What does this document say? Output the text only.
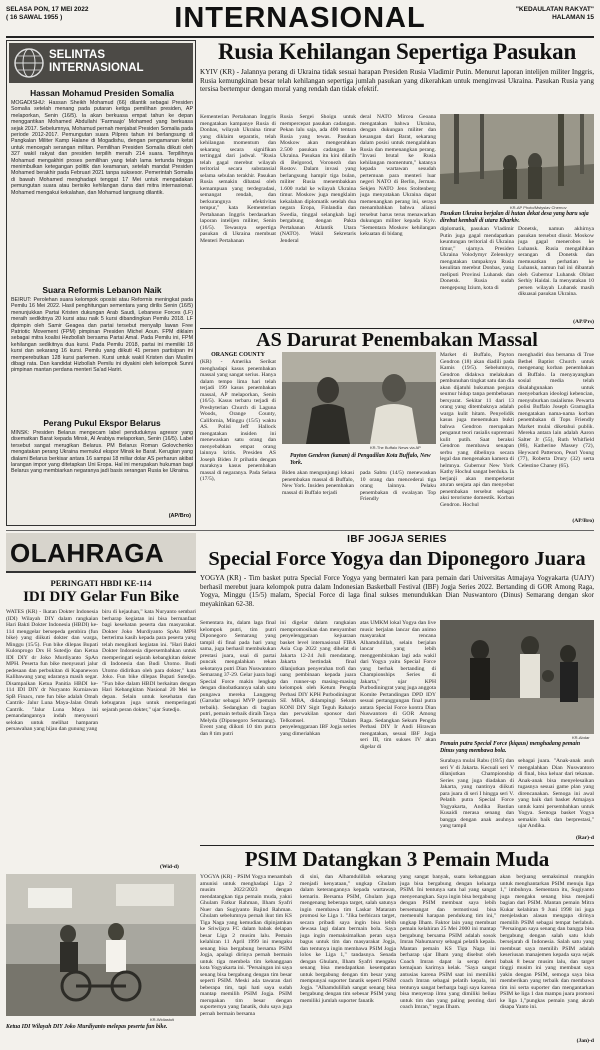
SELASA PON, 17 MEI 2022
( 16 SAWAL 1955 )	INTERNASIONAL	"KEDAULATAN RAKYAT"
HALAMAN 15
SELINTAS INTERNASIONAL
Hassan Mohamud Presiden Somalia
MOGADISHU: Hassan Sheikh Mohamud (66) dilantik sebagai Presiden Somalia setelah menang pada putaran ketiga pemilihan presiden, AP melaporkan, Senin (16/5). Ia akan berkuasa empat tahun ke depan menggantikan Mohamed Abdullahi 'Farmaajo' Mohamed yang berkuasa sejak 2017. Sebelumnya, Mohamud pernah menjabat Presiden Somalia pada periode 2012-2017. Pemungutan suara Pilpres tahun ini berlangsung di Pangkalan Militer Kamp Halane di Mogadishu, dengan pengamanan ketat untuk mencegah serangan militan. Pemilihan Presiden Somalia diikuti oleh 327 wakil rakyat dan presiden terpilih meraih 214 suara. Terpilihnya Mohamud mengakhiri proses pemilihan yang telah lama tertunda hingga menimbulkan ketegangan politik dan keamanan, setelah mandat Presiden Mohamed berakhir pada Februari 2021 tanpa suksesor. Pemerintah Somalia di bawah Mohamed menghadapi tenggat 17 Mei untuk mengadakan pemungutan suara atau berisiko kehilangan dana dari mitra internasional. Mohamed mengakui kekalahan, dan Mohamud langsung dilantik.
Suara Reformis Lebanon Naik
BEIRUT: Perolehan suara kelompok oposisi atau Reformis meningkat pada Pemilu 16 Mei 2022. Hasil penghitungan sementara yang dirilis Senin (16/5) menunjukkan Partai Kristen dukungan Arab Saudi, Lebanese Forces (LF) meraih sedikitnya 20 kursi atau naik 5 kursi dibandingkan Pemilu 2018. LF dipimpin oleh Samir Geagea dan partai tersebut menyalip lawan Free Patriotic Movement (FPM) pimpinan Presiden Michel Aoun. FPM diklaim sebagai mitra koalisi Hezbollah bersama Partai Amal. Pada Pemilu ini, FPM kehilangan sedikitnya dua kursi. Pada Pemilu 2018, partai ini memiliki 18 kursi dan sekarang 16 kursi. Pemilu yang diikuti 41 persen partisipan ini memperebutkan 128 kursi parlemen. Kursi untuk wakil Kristen dan Muslim dibagi rata. Dan kandidat Hizbollah Pemilu ini diyakini oleh kelompok Sunni pimpinan mantan perdana menteri Sa'ad Hariri.
Perang Pukul Ekspor Belarus
MINSK: Presiden Belarus mengecam label penduduknya agresor yang disematkan Barat kepada Minsk, Al Arabiya melaporkan, Senin (16/5). Label tersebut sangat merugikan Belarus. PM Belarus Roman Golovchenko mengatakan perang Ukraina memukul ekspor Minsk ke Barat. Kerugian yang dialami Belarus berkisar antara 16 sampai 18 miliar dolar AS perharun akibat larangan impor yang ditetapkan Uni Eropa. Hal ini merupakan hukuman bagi Belarus yang membiarkan negaranya jadi basis serangan Rusia ke Ukraina.
(AP/Bro)
Rusia Kehilangan Sepertiga Pasukan
KYIV (KR) - Jalannya perang di Ukraina tidak sesuai harapan Presiden Rusia Vladimir Putin. Menurut laporan intelijen militer Inggris, Rusia kemungkinan besar telah kehilangan sepertiga jumlah pasukan yang dikerahkan untuk menginvasi Ukraina. Pasukan Rusia yang tersisa bertempur dengan moral yang rendah dan tidak efektif.
Kementerian Pertahanan Inggris mengatakan kampanye Rusia di Donbas, wilayah Ukraina timur yang diklaim separatis, telah kehilangan momentum dan sekarang secara signifikan tertinggal dari jadwal. "Rusia telah gagal merebut wilayah teritorial secara substansial selama sebulan terakhir. Pasukan Rusia semakin dibatasi oleh kemampuan yang terdegradasi, semangat rendah, dan berkurangnya efektivitas tempur," kata Kementerian Pertahanan Inggris berdasarkan laporan intelijen militer, Senin (16/5). Tewasnya sepertiga pasukan di Ukraina membuat Menteri Pertahanan
Rusia Sergei Shoigu untuk mempercepat pasukan cadangan. Pekan lalu saja, ada 400 tentara Rusia yang tewas. Pasukan Moskow akan mengerahkan 2.500 pasukan cadangan ke Ukraina. Pasukan itu kini dilatih di Belgorod, Voronezh dan Rostov. Dalam invasi yang berlangsung hampir tiga bulan, militer Rusia menembakkan 1.600 rudal ke wilayah Ukraina timur. Moskow juga mengklaim kekalahan diplomatik setelah dua negara Eropa, Finlandia dan Swedia, tinggal selangkah lagi bergabung dengan Pakta Pertahanan Atlantik Utara (NATO). Wakil Sekretaris Jenderal
deral NATO Mircea Geoana mengatakan bahwa Ukraina, dengan dukungan militer dan keuangan dari Barat, sekarang dalam posisi untuk mengalahkan Rusia dan memenangkan perang. "Invasi brutal ke Rusia kehilangan momentum," katanya kepada wartawan sesudah pertemuan para menteri luar negeri NATO di Berlin, Jerman. Sekjen NATO Jens Stoltenberg juga menyatakan Ukraina dapat memenangkan perang ini, seraya menambahkan bahwa aliansi tersebut harus terus menawarkan dukungan militer kepada Kyiv. "Sementara Moskow kehilangan kekuatan di bidang
KR-AP Photo/Mstyslav Chernov
Pasukan Ukraina berjalan di hutan dekat desa yang baru saja direbut kembali di utara Kharkiv.
diplomatik, pasukan Vladimir Putin juga gagal mendapatkan keuntungan teritorial di Ukraina timur," ujarnya. Presiden Ukraina Volodymyr Zelenskyy mengatakan tampaknya Rusia kesulitan merebut Donbas, yang meliputi Provinsi Luhansk dan Donetsk. Rusia sudah mengepung Izium, kota di
Donetsk, namun akhirnya pasukan tersebut diusir. Moskow juga gagal menerobos ke Luhansk. Rusia mengalihkan serangan di Donetsk dan memusatkan perhatian ke Luhansk, namun hal ini dibantah oleh Gubernur Luhansk Oblast Serhiy Haidai. Ia menyatakan 10 persen wilayah Luhansk masih dikuasai pasukan Ukraina.
(AP/Prs)
AS Darurat Penembakan Massal
ORANGE COUNTY
(KR) - Amerika Serikat menghadapi kasus penembakan massal yang sangat serius. Hanya dalam tempo lima hari telah terjadi 199 kasus penembakan massal, AP melaporkan, Senin (16/5). Kasus terbaru terjadi di Presbyterian Church di Laguna Woods, Orange County, California, Minggu (15/5) waktu AS. Polisi Jeff Hallock mengatakan insiden ini menewaskan satu orang dan menyebabkan empat orang lainnya kritis. Presiden AS Joseph Biden Jr prihatin dengan maraknya kasus penembakan massal di negaranya. Pada Selasa (17/5),
KR-The Buffalo News via AP
Payton Gendron (kanan) di Pengadilan Kota Buffalo, New York.
Biden akan mengunjungi lokasi penembakan massal di Buffalo, New York. Insiden penembakan massal di Buffalo terjadi
pada Sabtu (14/5) menewaskan 10 orang dan mencederai tiga orang lainnya. Pelaku penembakan di swalayan Top Friendly
Market di Buffalo, Payton Gendron (18) akan diadili pada Kamis (19/5). Sebelumnya, Gendron didakwa melakukan pembunuhan tingkat satu dan dia akan dijatuhi hukuman penjara seumur hidup tanpa pembebasan bersyarat. Sekitar 11 dari 13 orang yang ditembaknya adalah warga kulit hitam. Penyelidik kasus juga menemukan bukti bahwa Gendron merupakan penganut teori rasialis supremasi kulit putih. Saat beraksi Gendron membawa senapan serbu yang dibelinya secara legal dan mengenakan kamera di helmnya. Gubernur New York Kathy Hochul sangat berduka. Ia berjanji akan memperketat aturan senjata api dan menyebut penembakan tersebut sebagai aksi terorisme domestik. Korban Gendron. Hochul
menghadiri doa bersama di True Bethel Baptist Church untuk mengenang korban penembakan di Buffalo. Ia menyayangkan sosial media telah disalahgunakan untuk menyebarkan ideologi kebencian, menyuburkan rasialisme. Pewarta polisi Buffalo Joseph Gramaglia mengatakan nama-nama korban penembakan di Tops Friendly Market mulai diketahui publik. Mereka antara lain adalah Aaron Salter Jr (55), Ruth Whitfield (86), Katherine Massey (72), Heyward Patterson, Pearl Young (77), Roberta Drury (32) serta Celestine Chaney (65).
(AP/Bro)
OLAHRAGA
PERINGATI HBDI KE-114
IDI DIY Gelar Fun Bike
WATES (KR) - Ikatan Dokter Indonesia (IDI) Wilayah DIY dalam rangkaian Hari Bakti Dokter Indonesia (HBDI) ke-114 menggelar bersepeda gembira (fun bike) yang diikuti dokter dan warga, Minggu (15/5). Fun bike dilepas Bupati Kulonprogo Drs H Sutedjo dan Ketua IDI DIY dr Joko Murdiyanto SpAn MPH. Peserta fun bike menyusuri jalur pedesaan dan perbukitan di Kapanewon Kalibawang yang udaranya masih segar. Disampaikan Ketua Panitia HBDI ke-114 IDI DIY dr Nuryanto Kurniawan SpB Finacs, rute fun bike adalah Omah Cantrik- Jalur Luna Maya-Jalan Omah Cantrik. "Jalur Luna Maya ini pemandangannya indah menyusuri selokan untuk melihat hamparan persawahan yang hijau dan gunung yang
biru di kejauhan," kata Nuryanto sembari berharap kegiatan ini bisa bermanfaat bagi kesehatan peserta dan masyarakat. Dokter Joko Murdiyanto SpAn MPH berterima kasih kepada para peserta yang telah mengikuti kegiatan ini. "Hari Bakti Dokter Indonesia dipersembahkan untuk memperingati sejarah kebangkitan dokter di Indonesia dan Budi Utomo. Budi Utomo didirikan oleh para dokter," kata Joko. Fun bike dilepas Bupati Sutedjo. "Fun bike dalam HBDI berkaitan dengan Hari Kebangkitan Nasional 20 Mei ke depan. Selain untuk kesehatan dan kebugaran juga untuk memperingati sejarah peran dokter," ujar Sutedjo.
(Wid-d)
KR-Widiastuti
Ketua IDI Wilayah DIY Joko Murdiyanto melepas peserta fun bike.
IBF JOGJA SERIES
Special Force Yogya dan Diponegoro Juara
YOGYA (KR) - Tim basket putra Special Force Yogya yang bermateri kan para pemain dari Universitas Atmajaya Yogyakarta (UAJY) berhasil merebut juara kelompok putra dalam Indonesian Basketball Festival (IBF) Jogja Series 2022. Bertanding di GOR Among Raga, Yogya, Minggu (15/5) malam, Special Force di laga final sukses menundukkan Dian Nuswantoro (Dinus) Semarang dengan skor meyakinkan 62-38.
Sementara itu, dalam laga final kelompok putri, tim putri Diponegoro Semarang yang tampil di final pada hari yang sama, juga berhasil membukukan prestasi juara, usai di partai puncak mengalahkan rekan sekotanya putri Dian Nuswantoro Semarang 37-29. Gelar juara bagi Special Force makin lengkap dengan dinobatkannya salah satu pungawa mereka Langgeng (Garudar sebagai MVP (pemain terbaik). Sedangkan di bagian putri, pemain terbaik diraih Tasya Melyda (Diponegoro Semarang). Event yang diikuti 10 tim putra dan 8 tim putri
ini digelar dalam rangkaian mempromosikan dan menyambut penyelenggaraan kejuaraan basket level internasional FIBA Asia Cup 2022 yang dihelat di Jakarta 12-24 Juli mendatang. Jakarta bertindak final dilanjutkan penyerahan trofi dan uang pembinaan kepada juara dan runner-up masing-masing kelompok oleh Ketum Pengda Perbasi DIY KPH Purbodiningrat SE MBA, didampingi Sekum KONI DIY Sigit Teguh Raharjo dan perwakilan sponsor dari Telkomsel. "Dalam penyelenggaraan IBF Jogja series yang dimeriahkan
atas UMKM lokal Yogya dan live music berjalan lancar dan animo masyarakat rencana Alhamdulillah, selain berjalan lancar yang lebih menggembirakan lagi ada wakil dari Yogya yaitu Special Force yang berhak bertanding di Championships Series di Jakarta," ujar KPH Purbodiningrat yang juga anggota Komite Pertandingan DPD IDY sesuai pertanggungan final putra antara Special Force kontra Dian Nuswantoro di GOR Among Raga. Sedangkan Sekum Pengda Perbasi DIY Ir Andi Hirawan mengatakan, sesuai IBF Jogja seri III, tim sukses IV akan digelar di
KR-Abdar
Pemain putra Special Force (kiqaus) menghadang pemain Dinus yang membawa bola.
Surabaya mulai Rabu (18/5) dan seri V di Jakarta. Kecuali seri V dilanjutkan Championship Series yang juga diadakan di Jakarta, yang nantinya diikuti para juara di seri I hingga seri V. Pelatih putra Special Force Yogyakarta, Andika Bastian Kusaidi merasa senang dan bangga dengan anak asuhnya yang tampil
sebagai juara. "Anak-anak asuh mengalahkan Dian Nuswantoro di final, bisa keluar dari tekanan. Anak-anak bisa menyelesaikan tugasnya sesuai game plan yang direncanakan. Semoga ini awal yang baik dari basket Atmajaya untuk kami persembahkan untuk Yogya. Semoga basket Yogya semakin baik dan berprestasi," ujar Andika.
(Rar)-d
PSIM Datangkan 3 Pemain Muda
YOGYA (KR) - PSIM Yogya menambah amunisi untuk menghadapi Liga 2 musim 2022/2023 dengan mendatangkan tiga pemain muda, yakni Ghulam Fatkur Rahman, Ilham Syafri Nuer dan Sugiyanto Bajind Rahman. Ghulam sebelumnya pernah ikut tim KS Tiga Naga yang kemudian dipinjamkan ke Sriwijaya FC dalam babak delapan besar Liga 2 musim lalu. Pemain kelahiran 11 April 1999 ini mengaku senang bisa bergabung bersama PSIM Jogja, apalagi dirinya pernah bermain untuk tiga membela tim kebanggaan kota Yogyakarta ini. "Persaingan ini saya senang bisa bergabung dengan tim besar seperti PSIM. Meski ada tawaran dari beberapa tim, tapi hati saya sudah mantap memilih PSIM Jogja. PSIM merupakan tim besar dengan suporternya yang fanatik, dulu saya juga pernah bermain bersama
di sini, dan Alhamdulillah sekarang menjadi kenyataan," ungkap Ghulam dalam keterangannya kepada wartawan, kemarin. Bersama PSIM, Ghulam juga mengenang beberapa target, salah satunya ingin membawa tim Laskar Mataram promosi ke Liga 1. "Jika berbicara target, secara pribadi saya ingin bisa lebih dewasa lagi dalam bermain bola. Saya juga ingin memaksimalkan peran saya bagus untuk tim dan masyarakat Jogja, dan tentunya ingin membawa PSIM Jogja lolos ke Liga 1," tandasnya. Senada dengan Ghulam, Ilham Syafri mengaku senang bisa mendapatkan kesempatan untuk bergabung dengan tim besar yang mempunyai suporter fanatik seperti PSIM Jogja. "Alhamdulillah sangat senang bisa bergabung dengan tim sebesar PSIM yang memiliki jumlah suporter fanatik
yang sangat banyak, suatu kebanggaan juga bisa bergabung dengan keluarga PSIM. Ini tentunya satu hal yang sangat menyenangkan. Saya ingin bisa bergabung dengan PSIM membuat saya lebih bersemangat dan termotivasi bisa memenuhi harapan pendukung tim ini," ungkap Ilham. Faktor lain yang membuat pemain kelahiran 25 Mei 2000 ini mantap bergabung bersama PSIM adalah sosok Imran Nahumarury sebagai pelatih kepala. Mantan pemain KS Tiga Naga ini berharap ujar Ilham yang disebut oleh Coach Imran dapat ia serap demi kemajuan karirnya kelak. "Saya sangat antusias karena PSIM saat ini memiliki coach Imran sebagai pelatih kepala, ini tentunya sangat berharga bagi saya karena bisa menyerap ilmu yang dimiliki beliau untuk tim dan yang paling penting dari coach Imran," tegas Ilham.
akan berjuang semaksimal mungkin untuk menghantarkan PSIM menuju liga 1," imbuhnya. Sementara itu, Sugiyanto juga mengaku senang bisa menjadi bagian dari PSIM. Mantan pemain Mitra Kukar kelahiran 9 Juni 1998 ini juga menjelaskan alasan mengapa dirinya memilih PSIM sebagai tempat berlabuh. "Persaingan saya senang dan bangga bisa bergabung dengan salah satu klub bersejarah di Indonesia. Salah satu yang membuat saya memilih PSIM adalah keseriusan manajemen kepada saya sejak babak 8 besar musim lalu, dan target tinggi musim ini yang membuat saya yakin dengan PSIM, semoga saya bisa memberikan yang terbaik dan membawa tim ini serta suporter dan mengantarkan PSIM ke liga 1 dan mampu juara promosi ke liga 1,"pungkas pemain yang akrab disapa Yanto ini.
(Jan)-d
